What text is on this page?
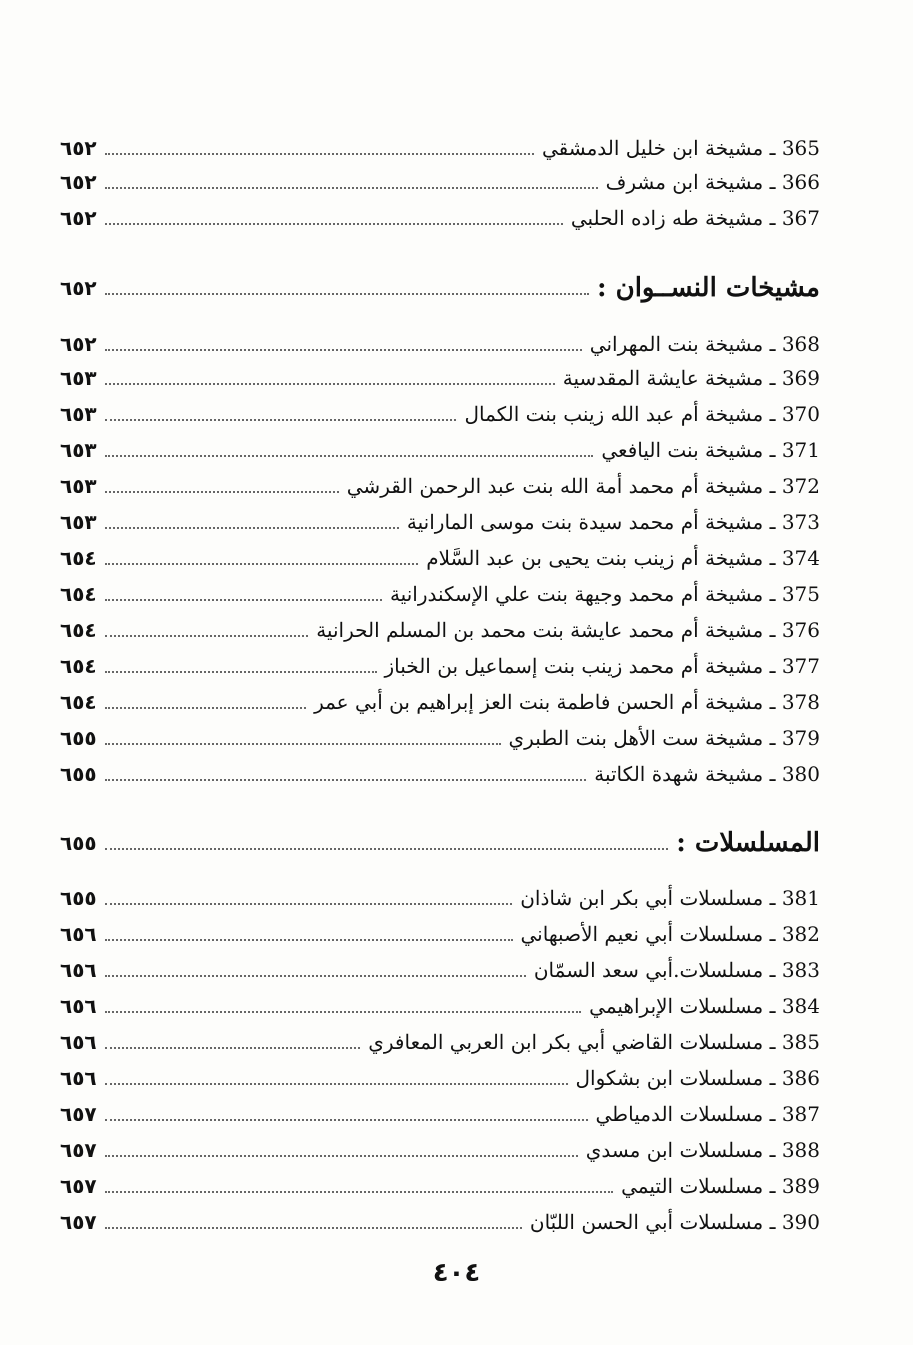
365 ـ مشيخة ابن خليل الدمشقي
٦٥٢
366 ـ مشيخة ابن مشرف
٦٥٢
367 ـ مشيخة طه زاده الحلبي
٦٥٢
مشيخات النســوان :
٦٥٢
368 ـ مشيخة بنت المهراني
٦٥٢
369 ـ مشيخة عايشة المقدسية
٦٥٣
370 ـ مشيخة أم عبد الله زينب بنت الكمال
٦٥٣
371 ـ مشيخة بنت اليافعي
٦٥٣
372 ـ مشيخة أم محمد أمة الله بنت عبد الرحمن القرشي
٦٥٣
373 ـ مشيخة أم محمد سيدة بنت موسى المارانية
٦٥٣
374 ـ مشيخة أم زينب بنت يحيى بن عبد السَّلام
٦٥٤
375 ـ مشيخة أم محمد وجيهة بنت علي الإسكندرانية
٦٥٤
376 ـ مشيخة أم محمد عايشة بنت محمد بن المسلم الحرانية
٦٥٤
377 ـ مشيخة أم محمد زينب بنت إسماعيل بن الخباز
٦٥٤
378 ـ مشيخة أم الحسن فاطمة بنت العز إبراهيم بن أبي عمر
٦٥٤
379 ـ مشيخة ست الأهل بنت الطبري
٦٥٥
380 ـ مشيخة شهدة الكاتبة
٦٥٥
المسلسلات :
٦٥٥
381 ـ مسلسلات أبي بكر ابن شاذان
٦٥٥
382 ـ مسلسلات أبي نعيم الأصبهاني
٦٥٦
383 ـ مسلسلات.أبي سعد السمّان
٦٥٦
384 ـ مسلسلات الإبراهيمي
٦٥٦
385 ـ مسلسلات القاضي أبي بكر ابن العربي المعافري
٦٥٦
386 ـ مسلسلات ابن بشكوال
٦٥٦
387 ـ مسلسلات الدمياطي
٦٥٧
388 ـ مسلسلات ابن مسدي
٦٥٧
389 ـ مسلسلات التيمي
٦٥٧
390 ـ مسلسلات أبي الحسن اللبّان
٦٥٧
٤٠٤
